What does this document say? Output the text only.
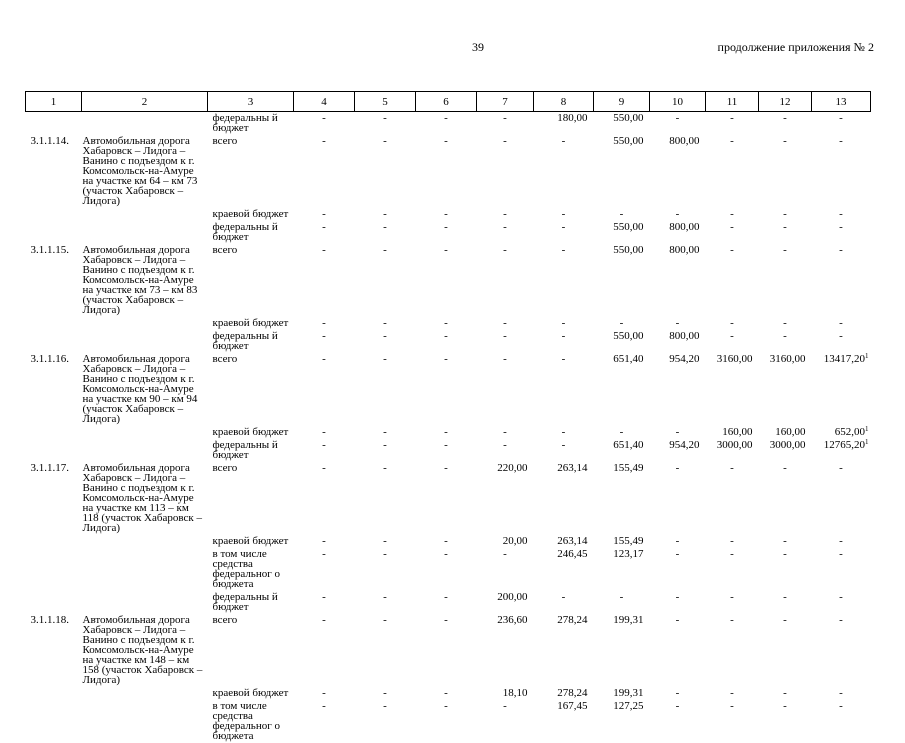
39	продолжение приложения № 2
1	2	3	4	5	6	7	8	9	10	11	12	13
		федеральны й бюджет	-	-	-	-	180,00	550,00	-	-	-	-
3.1.1.14.	Автомобильная дорога Хабаровск – Лидога – Ванино с подъездом к г. Комсомольск-на-Амуре на участке км 64 – км 73 (участок Хабаровск – Лидога)	всего	-	-	-	-	-	550,00	800,00	-	-	-
		краевой бюджет	-	-	-	-	-	-	-	-	-	-
		федеральны й бюджет	-	-	-	-	-	550,00	800,00	-	-	-
3.1.1.15.	Автомобильная дорога Хабаровск – Лидога – Ванино с подъездом к г. Комсомольск-на-Амуре на участке км 73 – км 83 (участок Хабаровск – Лидога)	всего	-	-	-	-	-	550,00	800,00	-	-	-
		краевой бюджет	-	-	-	-	-	-	-	-	-	-
		федеральны й бюджет	-	-	-	-	-	550,00	800,00	-	-	-
3.1.1.16.	Автомобильная дорога Хабаровск – Лидога – Ванино с подъездом к г. Комсомольск-на-Амуре на участке км 90 – км 94 (участок Хабаровск – Лидога)	всего	-	-	-	-	-	651,40	954,20	3160,00	3160,00	13417,20$^1$
		краевой бюджет	-	-	-	-	-	-	-	160,00	160,00	652,00$^1$
		федеральны й бюджет	-	-	-	-	-	651,40	954,20	3000,00	3000,00	12765,20$^1$
3.1.1.17.	Автомобильная дорога Хабаровск – Лидога – Ванино с подъездом к г. Комсомольск-на-Амуре на участке км 113 – км 118 (участок Хабаровск – Лидога)	всего	-	-	-	220,00	263,14	155,49	-	-	-	-
		краевой бюджет	-	-	-	20,00	263,14	155,49	-	-	-	-
		в том числе средства федеральног о бюджета	-	-	-	-	246,45	123,17	-	-	-	-
		федеральны й бюджет	-	-	-	200,00	-	-	-	-	-	-
3.1.1.18.	Автомобильная дорога Хабаровск – Лидога – Ванино с подъездом к г. Комсомольск-на-Амуре на участке км 148 – км 158 (участок Хабаровск – Лидога)	всего	-	-	-	236,60	278,24	199,31	-	-	-	-
		краевой бюджет	-	-	-	18,10	278,24	199,31	-	-	-	-
		в том числе средства федеральног о бюджета	-	-	-	-	167,45	127,25	-	-	-	-
